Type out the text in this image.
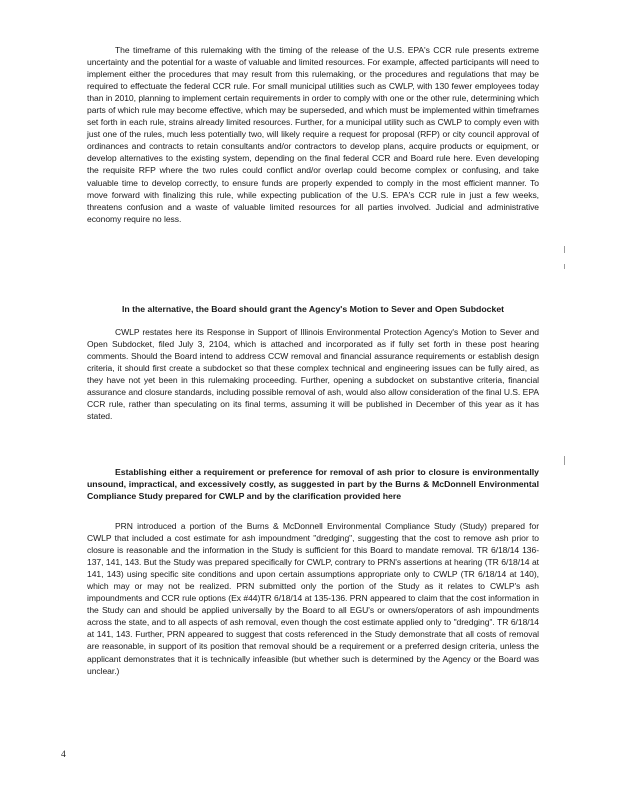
The timeframe of this rulemaking with the timing of the release of the U.S. EPA's CCR rule presents extreme uncertainty and the potential for a waste of valuable and limited resources. For example, affected participants will need to implement either the procedures that may result from this rulemaking, or the procedures and regulations that may be required to effectuate the federal CCR rule. For small municipal utilities such as CWLP, with 130 fewer employees today than in 2010, planning to implement certain requirements in order to comply with one or the other rule, determining which parts of which rule may become effective, which may be superseded, and which must be implemented within timeframes set forth in each rule, strains already limited resources. Further, for a municipal utility such as CWLP to comply even with just one of the rules, much less potentially two, will likely require a request for proposal (RFP) or city council approval of ordinances and contracts to retain consultants and/or contractors to develop plans, acquire products or equipment, or develop alternatives to the existing system, depending on the final federal CCR and Board rule here. Even developing the requisite RFP where the two rules could conflict and/or overlap could become complex or confusing, and take valuable time to develop correctly, to ensure funds are properly expended to comply in the most efficient manner. To move forward with finalizing this rule, while expecting publication of the U.S. EPA's CCR rule in just a few weeks, threatens confusion and a waste of valuable limited resources for all parties involved. Judicial and administrative economy require no less.

In the alternative, the Board should grant the Agency's Motion to Sever and Open Subdocket

CWLP restates here its Response in Support of Illinois Environmental Protection Agency's Motion to Sever and Open Subdocket, filed July 3, 2104, which is attached and incorporated as if fully set forth in these post hearing comments. Should the Board intend to address CCW removal and financial assurance requirements or establish design criteria, it should first create a subdocket so that these complex technical and engineering issues can be fully aired, as they have not yet been in this rulemaking proceeding. Further, opening a subdocket on substantive criteria, financial assurance and closure standards, including possible removal of ash, would also allow consideration of the final U.S. EPA CCR rule, rather than speculating on its final terms, assuming it will be published in December of this year as it has stated.

Establishing either a requirement or preference for removal of ash prior to closure is environmentally unsound, impractical, and excessively costly, as suggested in part by the Burns & McDonnell Environmental Compliance Study prepared for CWLP and by the clarification provided here

PRN introduced a portion of the Burns & McDonnell Environmental Compliance Study (Study) prepared for CWLP that included a cost estimate for ash impoundment "dredging", suggesting that the cost to remove ash prior to closure is reasonable and the information in the Study is sufficient for this Board to mandate removal. TR 6/18/14 136-137, 141, 143. But the Study was prepared specifically for CWLP, contrary to PRN's assertions at hearing (TR 6/18/14 at 141, 143) using specific site conditions and upon certain assumptions appropriate only to CWLP (TR 6/18/14 at 140), which may or may not be realized. PRN submitted only the portion of the Study as it relates to CWLP's ash impoundments and CCR rule options (Ex #44)TR 6/18/14 at 135-136. PRN appeared to claim that the cost information in the Study can and should be applied universally by the Board to all EGU's or owners/operators of ash impoundments across the state, and to all aspects of ash removal, even though the cost estimate applied only to "dredging". TR 6/18/14 at 141, 143. Further, PRN appeared to suggest that costs referenced in the Study demonstrate that all costs of removal are reasonable, in support of its position that removal should be a requirement or a preferred design criteria, unless the applicant demonstrates that it is technically infeasible (but whether such is determined by the Agency or the Board was unclear.)

4
